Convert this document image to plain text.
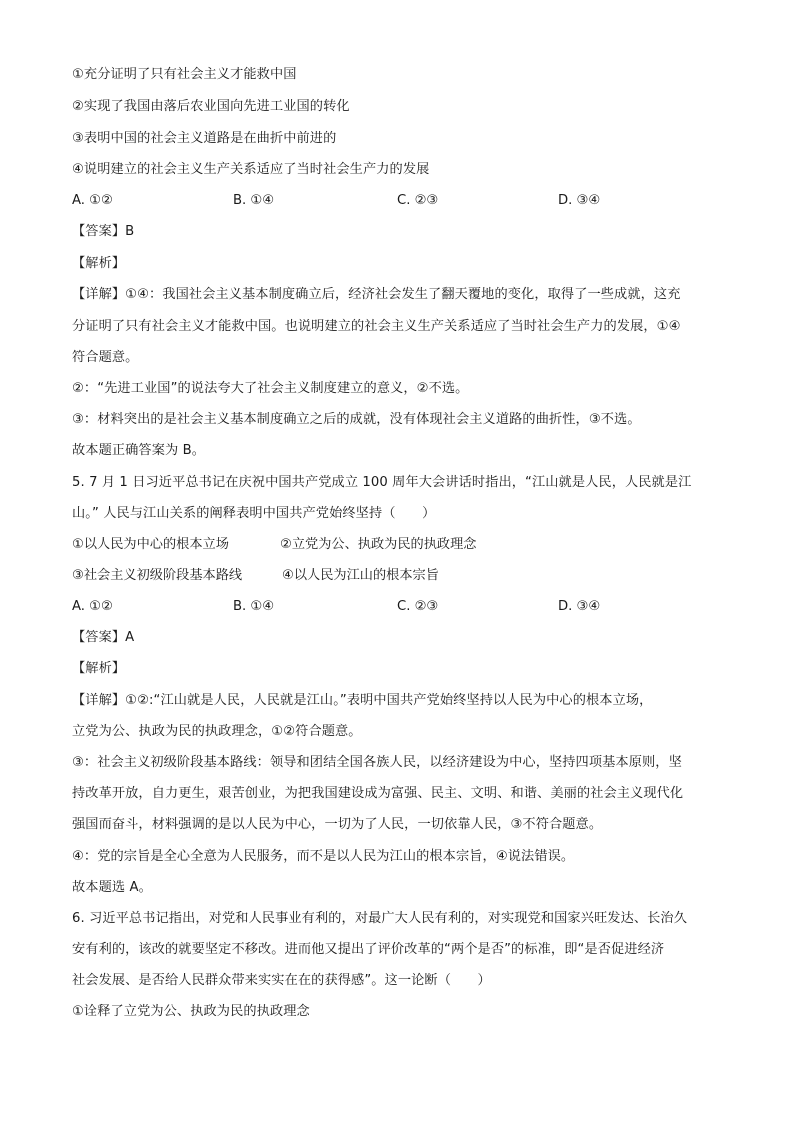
①充分证明了只有社会主义才能救中国
②实现了我国由落后农业国向先进工业国的转化
③表明中国的社会主义道路是在曲折中前进的
④说明建立的社会主义生产关系适应了当时社会生产力的发展
A. ①②	B. ①④	C. ②③	D. ③④
【答案】B
【解析】
【详解】①④：我国社会主义基本制度确立后，经济社会发生了翻天覆地的变化，取得了一些成就，这充
分证明了只有社会主义才能救中国。也说明建立的社会主义生产关系适应了当时社会生产力的发展，①④
符合题意。
②：“先进工业国”的说法夸大了社会主义制度建立的意义，②不选。
③：材料突出的是社会主义基本制度确立之后的成就，没有体现社会主义道路的曲折性，③不选。
故本题正确答案为 B。
5. 7 月 1 日习近平总书记在庆祝中国共产党成立 100 周年大会讲话时指出，“江山就是人民，人民就是江
山。” 人民与江山关系的阐释表明中国共产党始终坚持（　　）
①以人民为中心的根本立场	②立党为公、执政为民的执政理念
③社会主义初级阶段基本路线	④以人民为江山的根本宗旨
A. ①②	B. ①④	C. ②③	D. ③④
【答案】A
【解析】
【详解】①②:“江山就是人民，人民就是江山。”表明中国共产党始终坚持以人民为中心的根本立场，
立党为公、执政为民的执政理念，①②符合题意。
③：社会主义初级阶段基本路线：领导和团结全国各族人民，以经济建设为中心，坚持四项基本原则，坚
持改革开放，自力更生，艰苦创业，为把我国建设成为富强、民主、文明、和谐、美丽的社会主义现代化
强国而奋斗，材料强调的是以人民为中心，一切为了人民，一切依靠人民，③不符合题意。
④：党的宗旨是全心全意为人民服务，而不是以人民为江山的根本宗旨，④说法错误。
故本题选 A。
6. 习近平总书记指出，对党和人民事业有利的，对最广大人民有利的，对实现党和国家兴旺发达、长治久
安有利的，该改的就要坚定不移改。进而他又提出了评价改革的“两个是否”的标准，即“是否促进经济
社会发展、是否给人民群众带来实实在在的获得感”。这一论断（　　）
①诠释了立党为公、执政为民的执政理念
